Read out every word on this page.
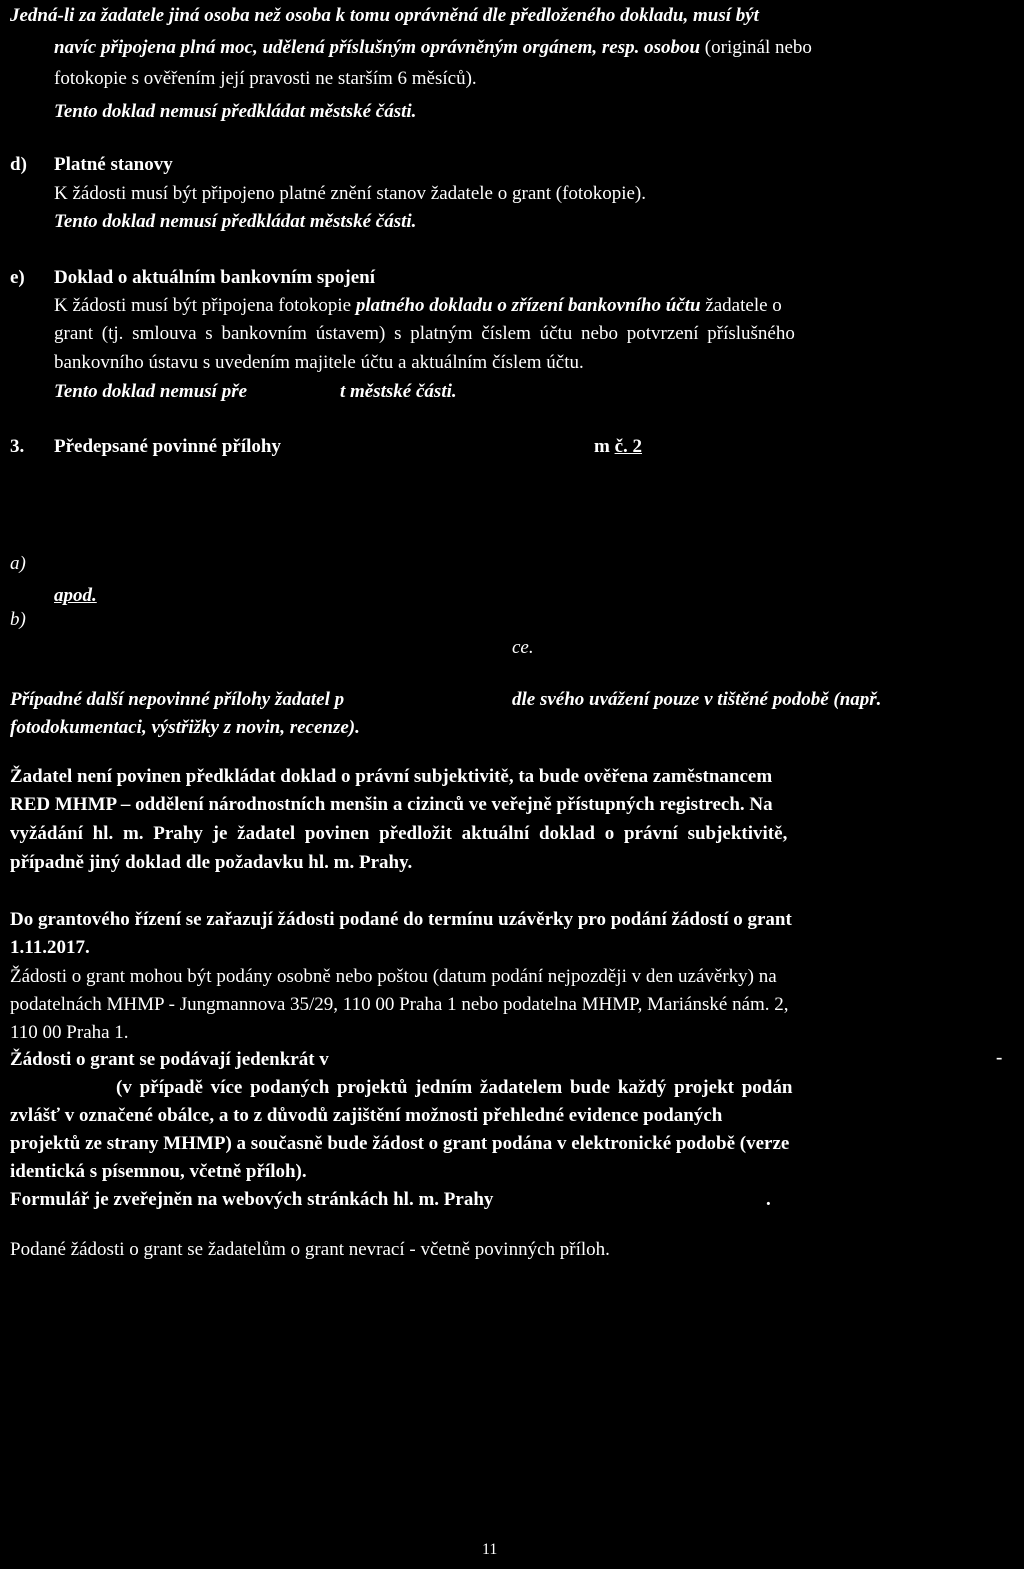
Jedná-li za žadatele jiná osoba než osoba k tomu oprávněná dle předloženého dokladu, musí být
navíc připojena plná moc, udělená příslušným oprávněným orgánem, resp. osobou (originál nebo
fotokopie s ověřením její pravosti ne starším 6 měsíců).
Tento doklad nemusí předkládat městské části.
d) Platné stanovy
K žádosti musí být připojeno platné znění stanov žadatele o grant (fotokopie).
Tento doklad nemusí předkládat městské části.
e) Doklad o aktuálním bankovním spojení
K žádosti musí být připojena fotokopie platného dokladu o zřízení bankovního účtu žadatele o
grant (tj. smlouva s bankovním ústavem) s platným číslem účtu nebo potvrzení příslušného
bankovního ústavu s uvedením majitele účtu a aktuálním číslem účtu.
Tento doklad nemusí pře	t městské části.
3. Předepsané povinné přílohy	m č. 2
a)
apod.
b)
ce.
Případné další nepovinné přílohy žadatel p	dle svého uvážení pouze v tištěné podobě (např.
fotodokumentaci, výstřižky z novin, recenze).
Žadatel není povinen předkládat doklad o právní subjektivitě, ta bude ověřena zaměstnancem
RED MHMP – oddělení národnostních menšin a cizinců ve veřejně přístupných registrech. Na
vyžádání hl. m. Prahy je žadatel povinen předložit aktuální doklad o právní subjektivitě,
případně jiný doklad dle požadavku hl. m. Prahy.
Do grantového řízení se zařazují žádosti podané do termínu uzávěrky pro podání žádostí o grant
1.11.2017.
Žádosti o grant mohou být podány osobně nebo poštou (datum podání nejpozději v den uzávěrky) na
podatelnách MHMP - Jungmannova 35/29, 110 00 Praha 1 nebo podatelna MHMP, Mariánské nám. 2,
110 00 Praha 1.
Žádosti o grant se podávají jedenkrát v	-
(v případě více podaných projektů jedním žadatelem bude každý projekt podán
zvlášť v označené obálce, a to z důvodů zajištění možnosti přehledné evidence podaných
projektů ze strany MHMP) a současně bude žádost o grant podána v elektronické podobě (verze
identická s písemnou, včetně příloh).
Formulář je zveřejněn na webových stránkách hl. m. Prahy	.
Podané žádosti o grant se žadatelům o grant nevrací - včetně povinných příloh.
11
